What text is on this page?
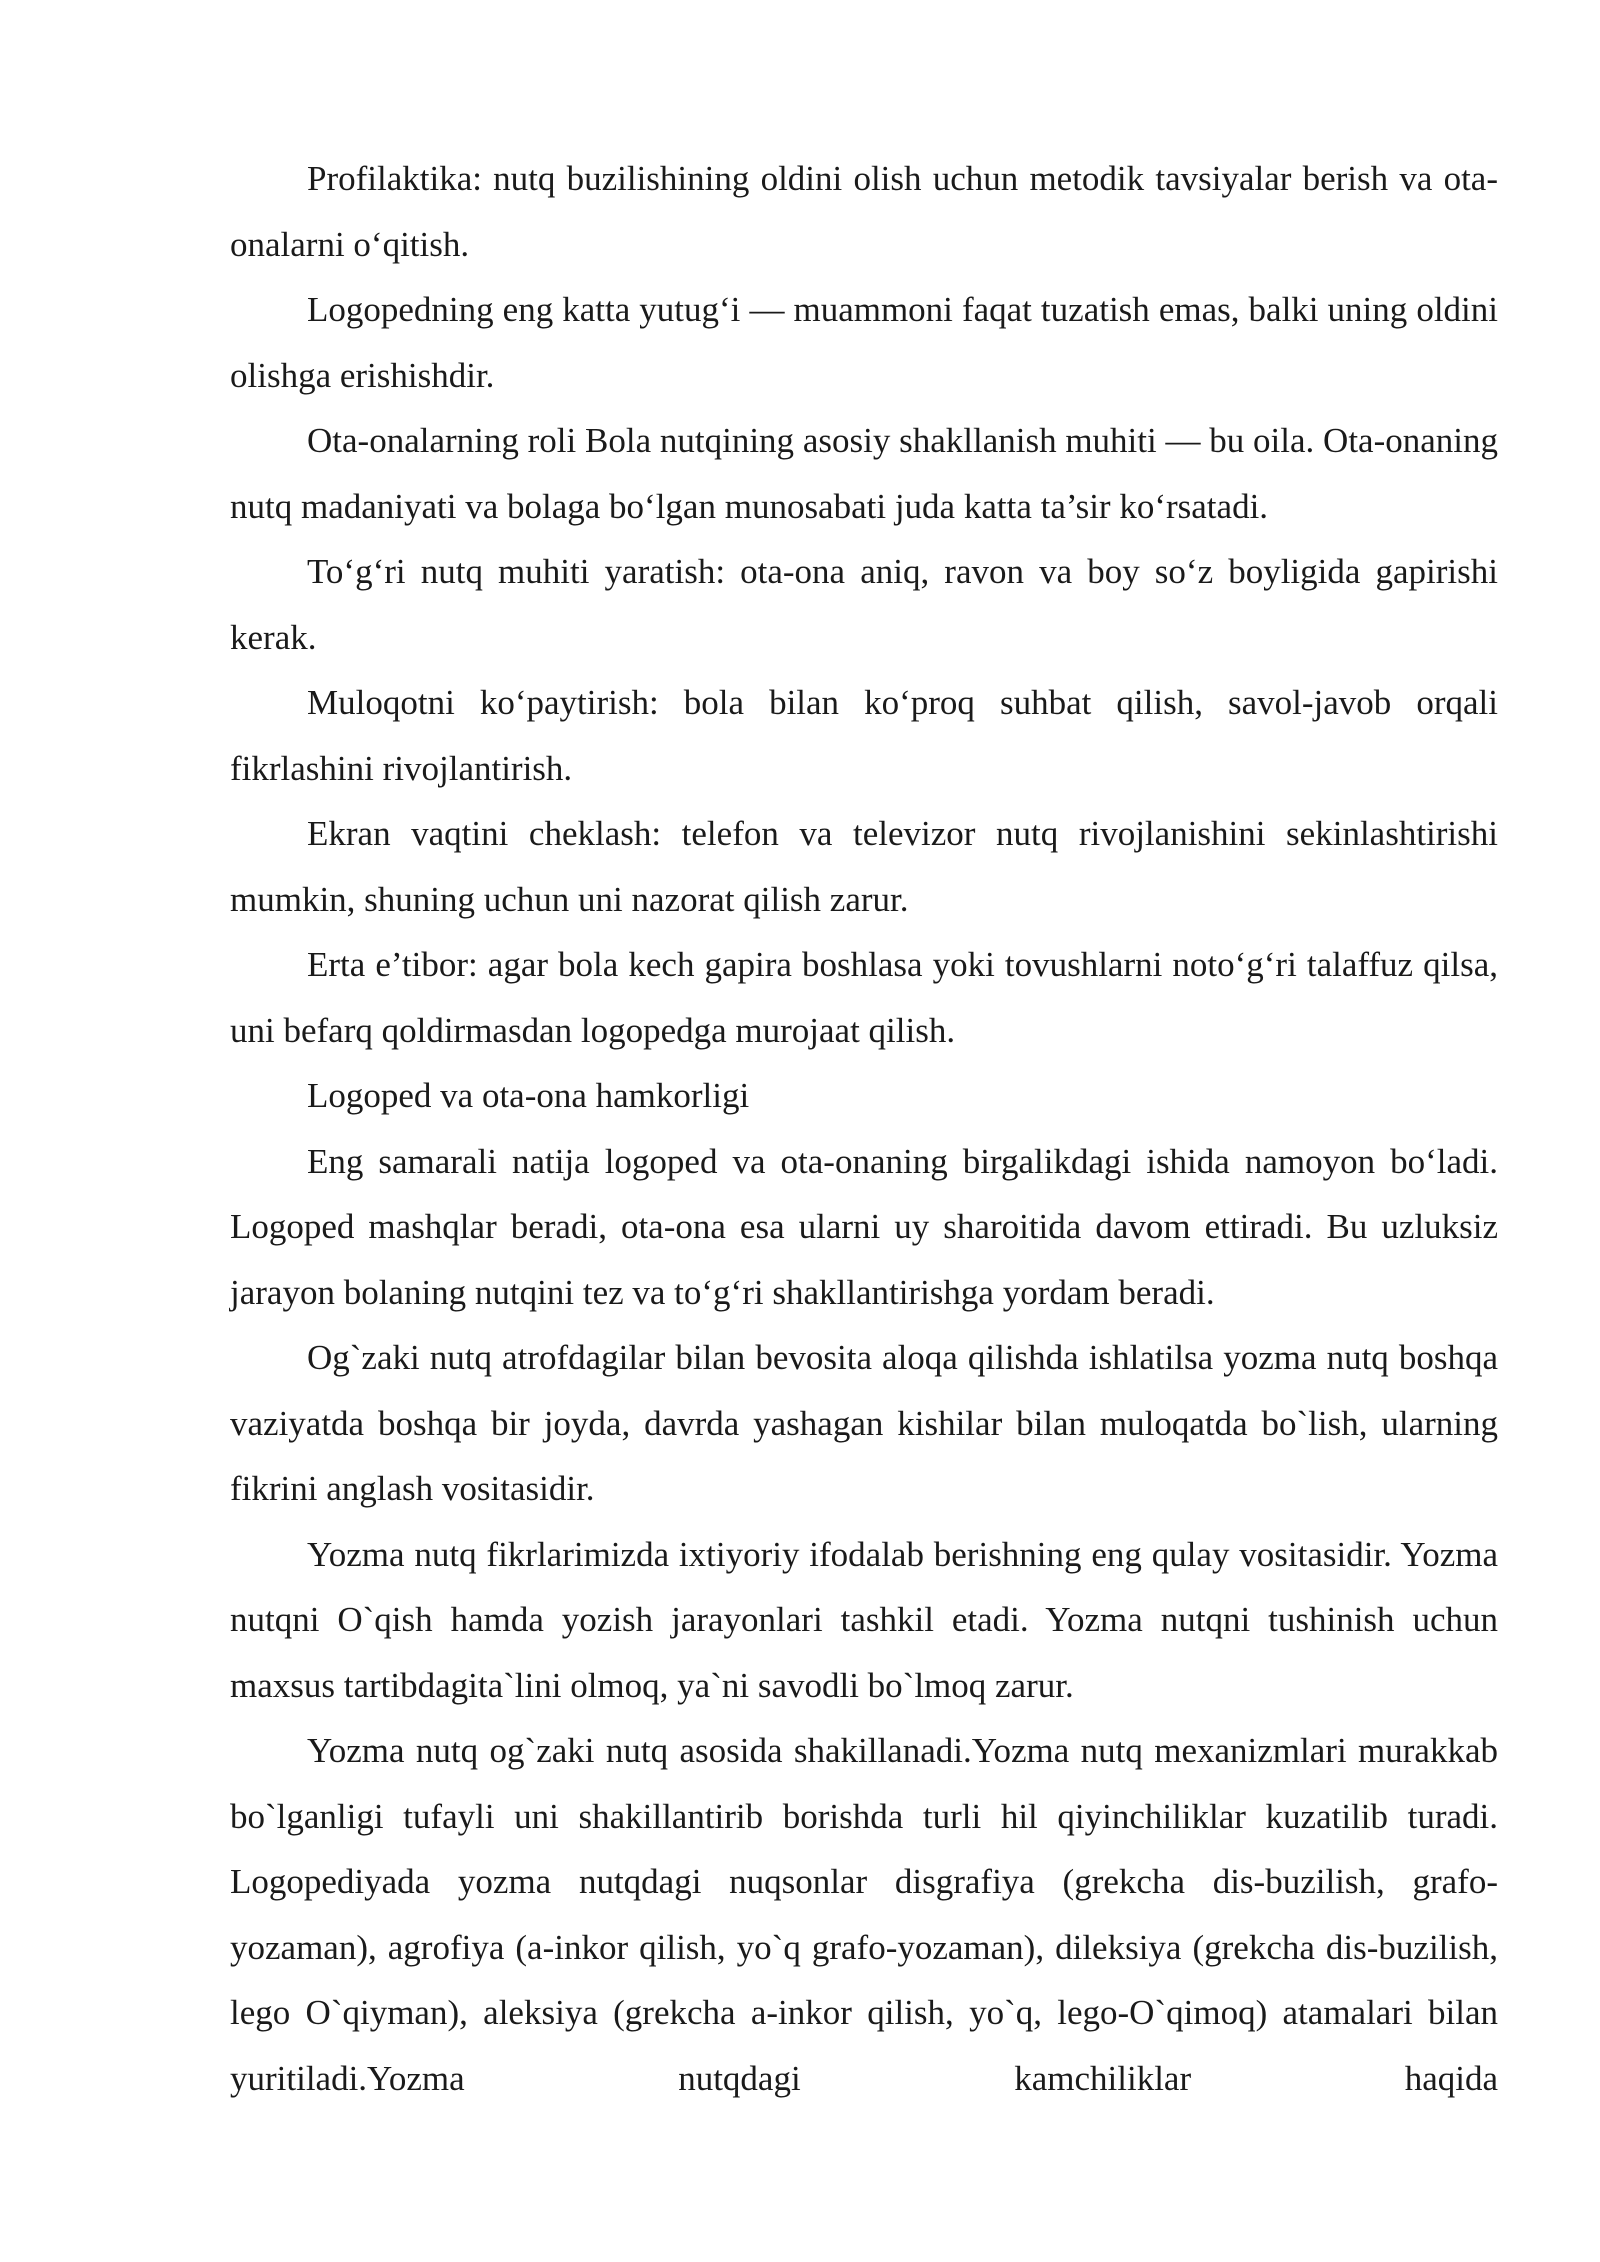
Profilaktika: nutq buzilishining oldini olish uchun metodik tavsiyalar berish va ota-onalarni o‘qitish.

Logopedning eng katta yutug‘i — muammoni faqat tuzatish emas, balki uning oldini olishga erishishdir.

Ota-onalarning roli Bola nutqining asosiy shakllanish muhiti — bu oila. Ota-onaning nutq madaniyati va bolaga bo‘lgan munosabati juda katta ta’sir ko‘rsatadi.

To‘g‘ri nutq muhiti yaratish: ota-ona aniq, ravon va boy so‘z boyligida gapirishi kerak.

Muloqotni ko‘paytirish: bola bilan ko‘proq suhbat qilish, savol-javob orqali fikrlashini rivojlantirish.

Ekran vaqtini cheklash: telefon va televizor nutq rivojlanishini sekinlashtirishi mumkin, shuning uchun uni nazorat qilish zarur.

Erta e’tibor: agar bola kech gapira boshlasa yoki tovushlarni noto‘g‘ri talaffuz qilsa, uni befarq qoldirmasdan logopedga murojaat qilish.

Logoped va ota-ona hamkorligi

Eng samarali natija logoped va ota-onaning birgalikdagi ishida namoyon bo‘ladi. Logoped mashqlar beradi, ota-ona esa ularni uy sharoitida davom ettiradi. Bu uzluksiz jarayon bolaning nutqini tez va to‘g‘ri shakllantirishga yordam beradi.

Og`zaki nutq atrofdagilar bilan bevosita aloqa qilishda ishlatilsa yozma nutq boshqa vaziyatda boshqa bir joyda, davrda yashagan kishilar bilan muloqatda bo`lish, ularning fikrini anglash vositasidir.

Yozma nutq fikrlarimizda ixtiyoriy ifodalab berishning eng qulay vositasidir. Yozma nutqni O`qish hamda yozish jarayonlari tashkil etadi. Yozma nutqni tushinish uchun maxsus tartibdagita`lini olmoq, ya`ni savodli bo`lmoq zarur.

Yozma nutq og`zaki nutq asosida shakillanadi.Yozma nutq mexanizmlari murakkab bo`lganligi tufayli uni shakillantirib borishda turli hil qiyinchiliklar kuzatilib turadi. Logopediyada yozma nutqdagi nuqsonlar disgrafiya (grekcha dis-buzilish, grafo-yozaman), agrofiya (a-inkor qilish, yo`q grafo-yozaman), dileksiya (grekcha dis-buzilish, lego O`qiyman), aleksiya (grekcha a-inkor qilish, yo`q, lego-O`qimoq) atamalari bilan yuritiladi.Yozma nutqdagi kamchiliklar haqida
